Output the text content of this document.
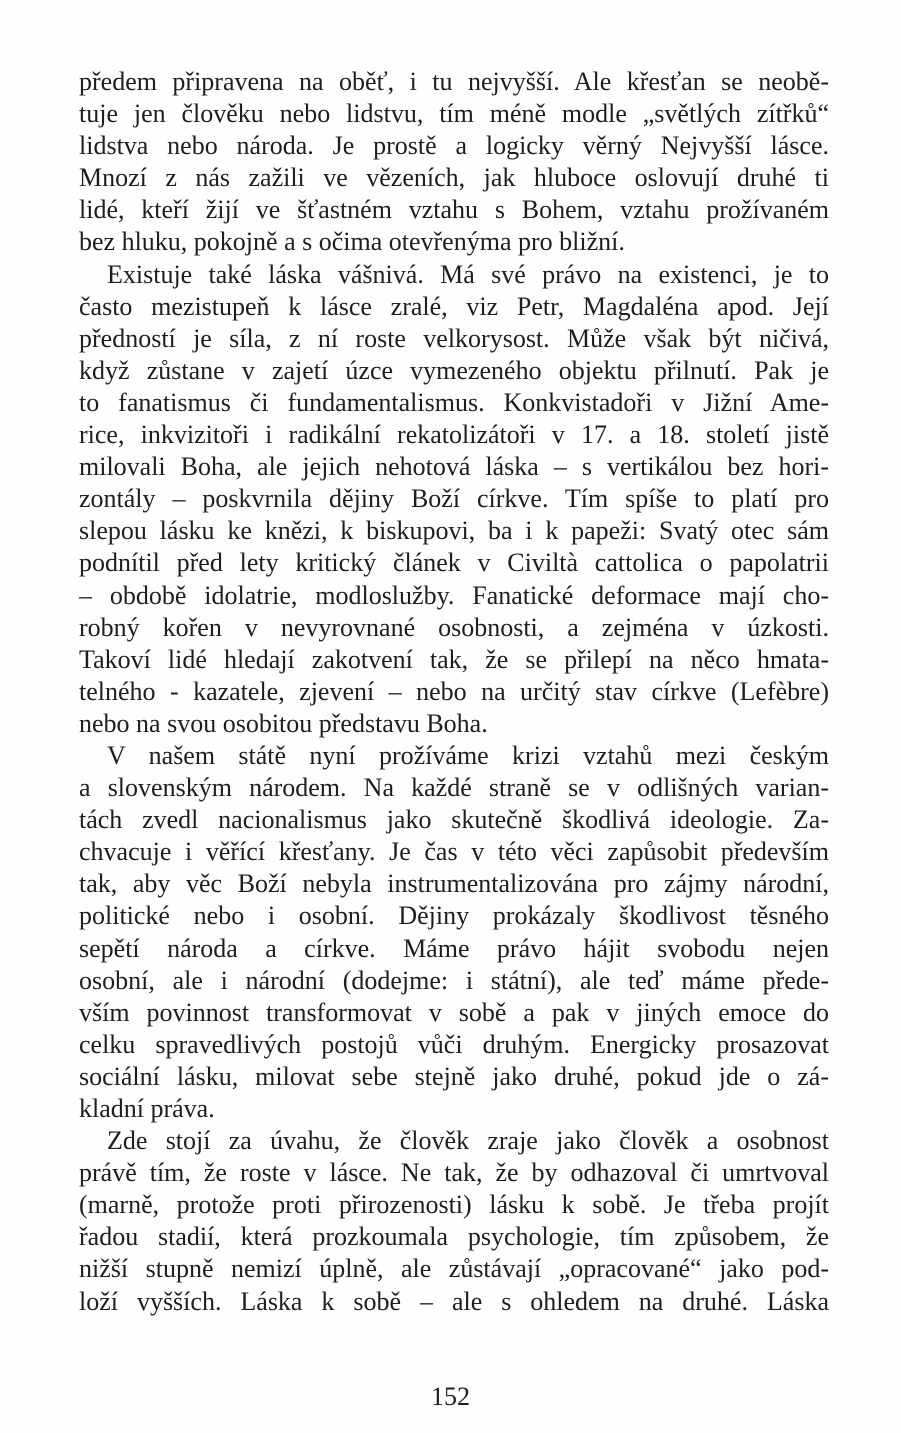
předem připravena na oběť, i tu nejvyšší. Ale křesťan se neobě-
tuje jen člověku nebo lidstvu, tím méně modle „světlých zítřků“
lidstva nebo národa. Je prostě a logicky věrný Nejvyšší lásce.
Mnozí z nás zažili ve vězeních, jak hluboce oslovují druhé ti
lidé, kteří žijí ve šťastném vztahu s Bohem, vztahu prožívaném
bez hluku, pokojně a s očima otevřenýma pro bližní.
Existuje také láska vášnivá. Má své právo na existenci, je to
často mezistupeň k lásce zralé, viz Petr, Magdaléna apod. Její
předností je síla, z ní roste velkorysost. Může však být ničivá,
když zůstane v zajetí úzce vymezeného objektu přilnutí. Pak je
to fanatismus či fundamentalismus. Konkvistadoři v Jižní Ame-
rice, inkvizitoři i radikální rekatolizátoři v 17. a 18. století jistě
milovali Boha, ale jejich nehotová láska – s vertikálou bez hori-
zontály – poskvrnila dějiny Boží církve. Tím spíše to platí pro
slepou lásku ke knězi, k biskupovi, ba i k papeži: Svatý otec sám
podnítil před lety kritický článek v Civiltà cattolica o papolatrii
– obdobě idolatrie, modloslužby. Fanatické deformace mají cho-
robný kořen v nevyrovnané osobnosti, a zejména v úzkosti.
Takoví lidé hledají zakotvení tak, že se přilepí na něco hmata-
telného - kazatele, zjevení – nebo na určitý stav církve (Lefèbre)
nebo na svou osobitou představu Boha.
V našem státě nyní prožíváme krizi vztahů mezi českým
a slovenským národem. Na každé straně se v odlišných varian-
tách zvedl nacionalismus jako skutečně škodlivá ideologie. Za-
chvacuje i věřící křesťany. Je čas v této věci zapůsobit především
tak, aby věc Boží nebyla instrumentalizována pro zájmy národní,
politické nebo i osobní. Dějiny prokázaly škodlivost těsného
sepětí národa a církve. Máme právo hájit svobodu nejen
osobní, ale i národní (dodejme: i státní), ale teď máme přede-
vším povinnost transformovat v sobě a pak v jiných emoce do
celku spravedlivých postojů vůči druhým. Energicky prosazovat
sociální lásku, milovat sebe stejně jako druhé, pokud jde o zá-
kladní práva.
Zde stojí za úvahu, že člověk zraje jako člověk a osobnost
právě tím, že roste v lásce. Ne tak, že by odhazoval či umrtvoval
(marně, protože proti přirozenosti) lásku k sobě. Je třeba projít
řadou stadií, která prozkoumala psychologie, tím způsobem, že
nižší stupně nemizí úplně, ale zůstávají „opracované“ jako pod-
loží vyšších. Láska k sobě – ale s ohledem na druhé. Láska
152
